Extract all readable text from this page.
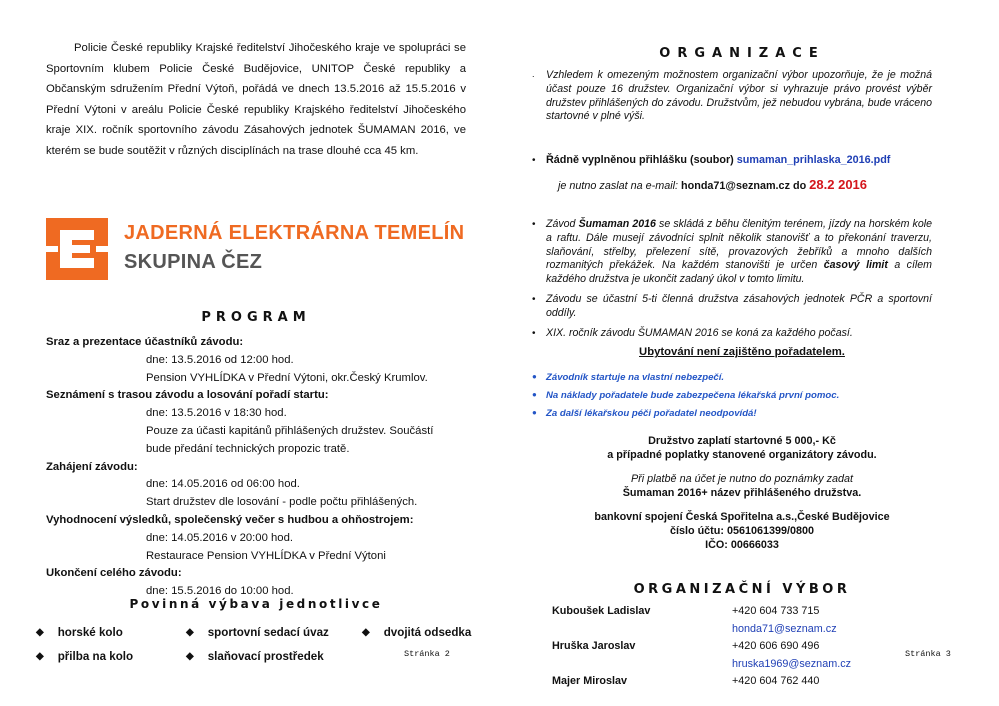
Policie České republiky Krajské ředitelství Jihočeského kraje ve spolupráci se Sportovním klubem Policie České Budějovice, UNITOP České republiky a Občanským sdružením Přední Výtoň, pořádá ve dnech 13.5.2016 až 15.5.2016 v Přední Výtoni v areálu Policie České republiky Krajského ředitelství Jihočeského kraje XIX. ročník sportovního závodu Zásahových jednotek ŠUMAMAN 2016, ve kterém se bude soutěžit v různých disciplínách na trase dlouhé cca 45 km.

JADERNÁ ELEKTRÁRNA TEMELÍN
SKUPINA ČEZ
PROGRAM
Sraz a prezentace účastníků závodu:
dne: 13.5.2016 od 12:00 hod.
Pension VYHLÍDKA v Přední Výtoni, okr.Český Krumlov.
Seznámení s trasou závodu a losování pořadí startu:
dne: 13.5.2016 v 18:30 hod.
Pouze za účasti kapitánů přihlášených družstev. Součástí
bude předání technických propozic tratě.
Zahájení závodu:
dne: 14.05.2016 od 06:00 hod.
Start družstev dle losování - podle počtu přihlášených.
Vyhodnocení výsledků, společenský večer s hudbou a ohňostrojem:
dne: 14.05.2016 v 20:00 hod.
Restaurace Pension VYHLÍDKA v Přední Výtoni
Ukončení celého závodu:
dne: 15.5.2016 do 10:00 hod.
Povinná výbava jednotlivce
◆ horské kolo	◆ sportovní sedací úvaz	◆ dvojitá odsedka
◆ přilba na kolo	◆ slaňovací prostředek	Stránka 2
ORGANIZACE
. Vzhledem k omezeným možnostem organizační výbor upozorňuje, že je možná účast pouze 16 družstev. Organizační výbor si vyhrazuje právo provést výběr družstev přihlášených do závodu. Družstvům, jež nebudou vybrána, bude vráceno startovné v plné výši.
• Řádně vyplněnou přihlášku (soubor) sumaman_prihlaska_2016.pdf
je nutno zaslat na e-mail: honda71@seznam.cz do 28.2 2016
• Závod Šumaman 2016 se skládá z běhu členitým terénem, jízdy na horském kole a raftu. Dále musejí závodníci splnit několik stanovišť a to překonání traverzu, slaňování, střelby, přelezení sítě, provazových žebříků a mnoho dalších rozmanitých překážek. Na každém stanovišti je určen časový limit a cílem každého družstva je ukončit zadaný úkol v tomto limitu.
• Závodu se účastní 5-ti členná družstva zásahových jednotek PČR a sportovní oddíly.
• XIX. ročník závodu ŠUMAMAN 2016 se koná za každého počasí.
Ubytování není zajištěno pořadatelem.
● Závodník startuje na vlastní nebezpečí.
● Na náklady pořadatele bude zabezpečena lékařská první pomoc.
● Za další lékařskou péči pořadatel neodpovídá!
Družstvo zaplatí startovné 5 000,- Kč
a případné poplatky stanovené organizátory závodu.
Při platbě na účet je nutno do poznámky zadat
Šumaman 2016+ název přihlášeného družstva.
bankovní spojení Česká Spořitelna a.s.,České Budějovice
číslo účtu: 0561061399/0800
IČO: 00666033
ORGANIZAČNÍ VÝBOR
Kuboušek Ladislav	+420 604 733 715
honda71@seznam.cz
Hruška Jaroslav	+420 606 690 496
hruska1969@seznam.cz
Majer Miroslav	+420 604 762 440
Stránka 3
